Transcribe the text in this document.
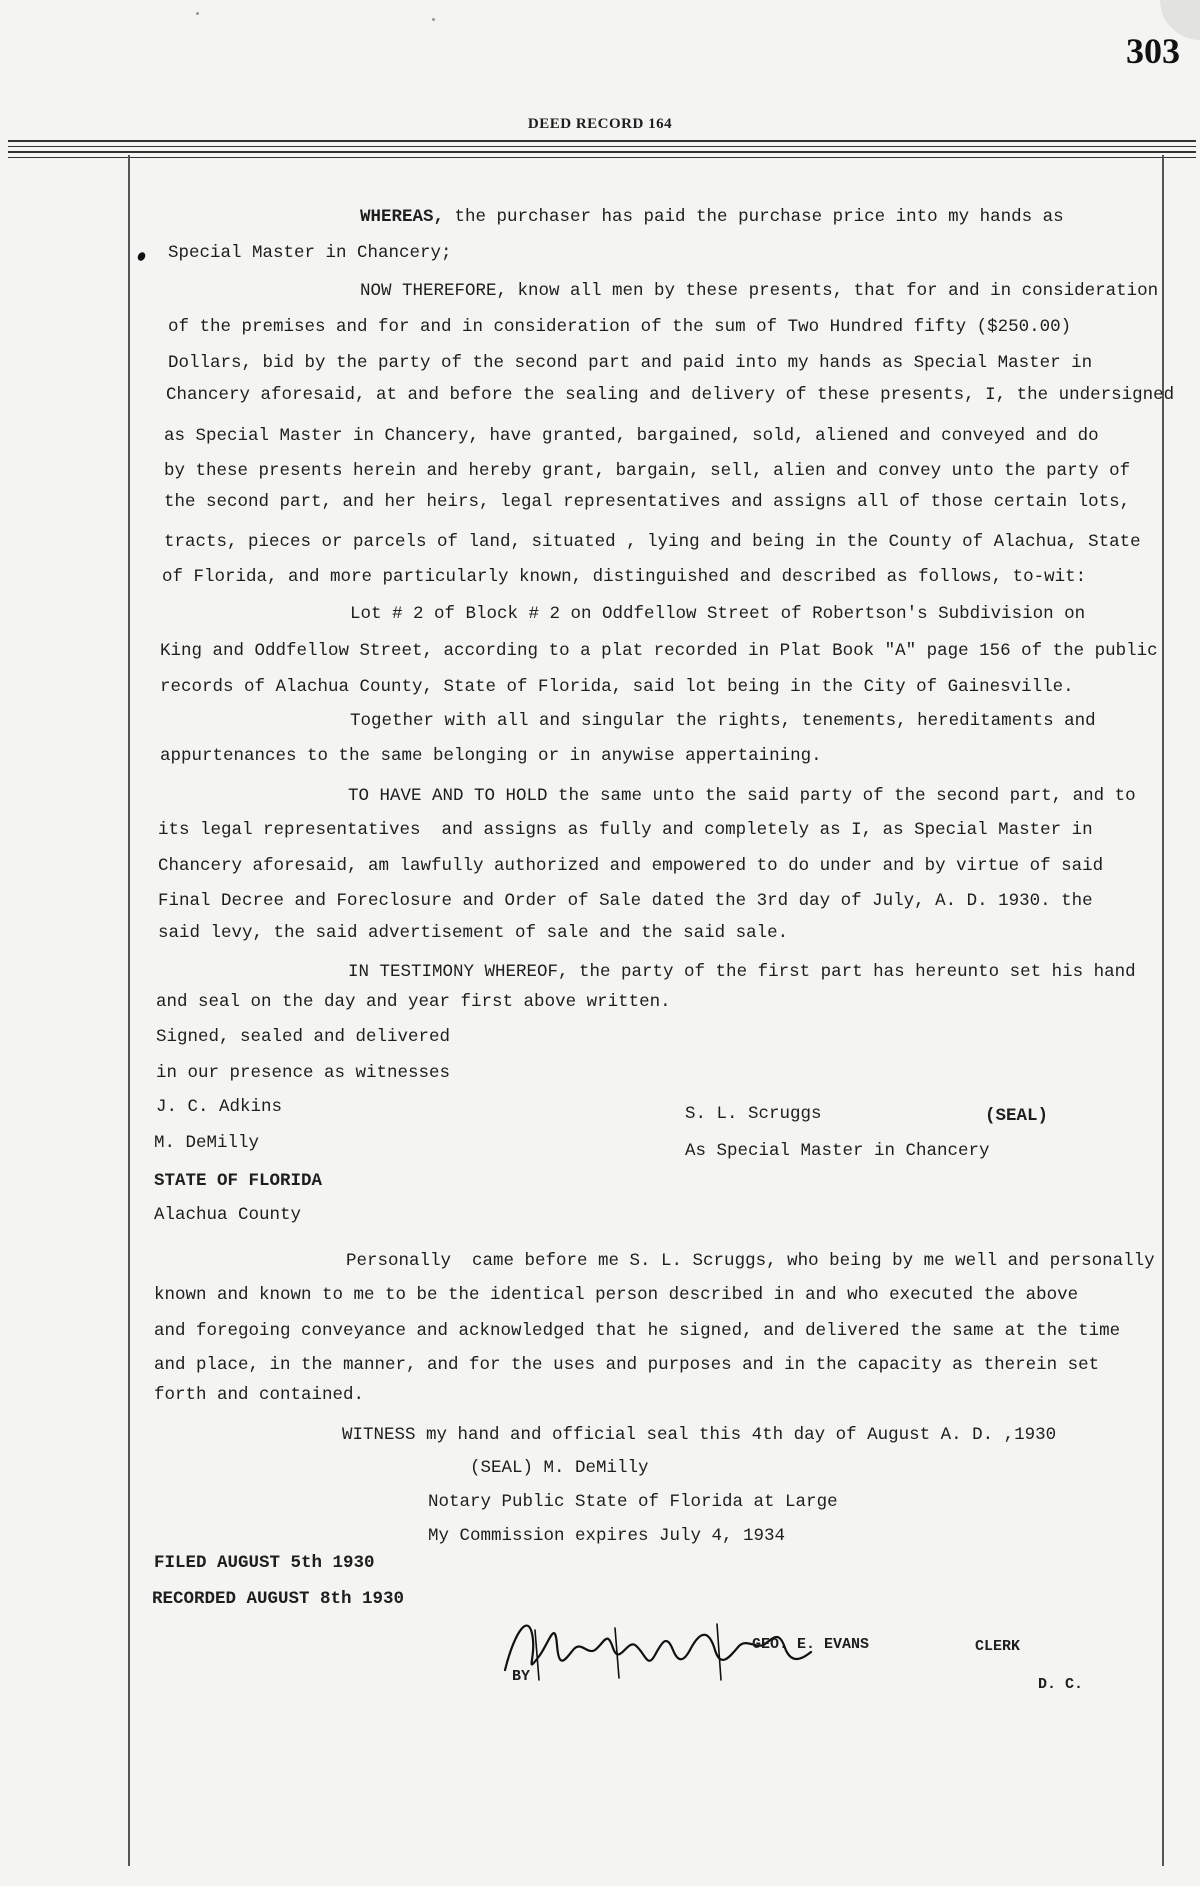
303
DEED RECORD 164
WHEREAS, the purchaser has paid the purchase price into my hands as
Special Master in Chancery;
NOW THEREFORE, know all men by these presents, that for and in consideration
of the premises and for and in consideration of the sum of Two Hundred fifty ($250.00)
Dollars, bid by the party of the second part and paid into my hands as Special Master in
Chancery aforesaid, at and before the sealing and delivery of these presents, I, the undersigned
as Special Master in Chancery, have granted, bargained, sold, aliened and conveyed and do
by these presents herein and hereby grant, bargain, sell, alien and convey unto the party of
the second part, and her heirs, legal representatives and assigns all of those certain lots,
tracts, pieces or parcels of land, situated , lying and being in the County of Alachua, State
of Florida, and more particularly known, distinguished and described as follows, to-wit:
Lot # 2 of Block # 2 on Oddfellow Street of Robertson's Subdivision on
King and Oddfellow Street, according to a plat recorded in Plat Book "A" page 156 of the public
records of Alachua County, State of Florida, said lot being in the City of Gainesville.
Together with all and singular the rights, tenements, hereditaments and
appurtenances to the same belonging or in anywise appertaining.
TO HAVE AND TO HOLD the same unto the said party of the second part, and to
its legal representatives  and assigns as fully and completely as I, as Special Master in
Chancery aforesaid, am lawfully authorized and empowered to do under and by virtue of said
Final Decree and Foreclosure and Order of Sale dated the 3rd day of July, A. D. 1930. the
said levy, the said advertisement of sale and the said sale.
IN TESTIMONY WHEREOF, the party of the first part has hereunto set his hand
and seal on the day and year first above written.
Signed, sealed and delivered
in our presence as witnesses
J. C. Adkins
M. DeMilly
S. L. Scruggs	(SEAL)
As Special Master in Chancery
STATE OF FLORIDA
Alachua County
Personally  came before me S. L. Scruggs, who being by me well and personally
known and known to me to be the identical person described in and who executed the above
and foregoing conveyance and acknowledged that he signed, and delivered the same at the time
and place, in the manner, and for the uses and purposes and in the capacity as therein set
forth and contained.
WITNESS my hand and official seal this 4th day of August A. D. ,1930
(SEAL) M. DeMilly
Notary Public State of Florida at Large
My Commission expires July 4, 1934
FILED AUGUST 5th 1930
RECORDED AUGUST 8th 1930
BY
GEO. E. EVANS	CLERK
D. C.
